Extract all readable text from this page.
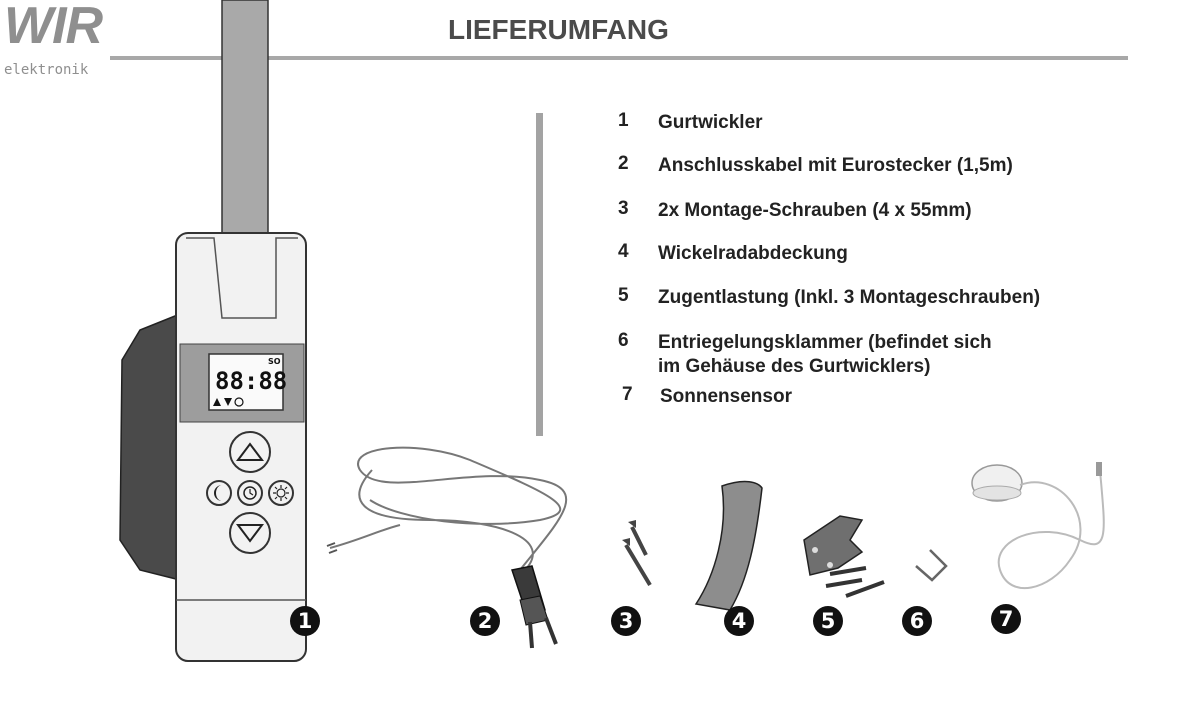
WIR
elektronik
LIEFERUMFANG
1	Gurtwickler
2	Anschlusskabel mit Eurostecker (1,5m)
3	2x Montage-Schrauben (4 x 55mm)
4	Wickelradabdeckung
5	Zugentlastung (Inkl. 3 Montageschrauben)
6	Entriegelungsklammer (befindet sich
im Gehäuse des Gurtwicklers)
7	Sonnensensor
88:88
SO
1	2	3	4	5	6	7
